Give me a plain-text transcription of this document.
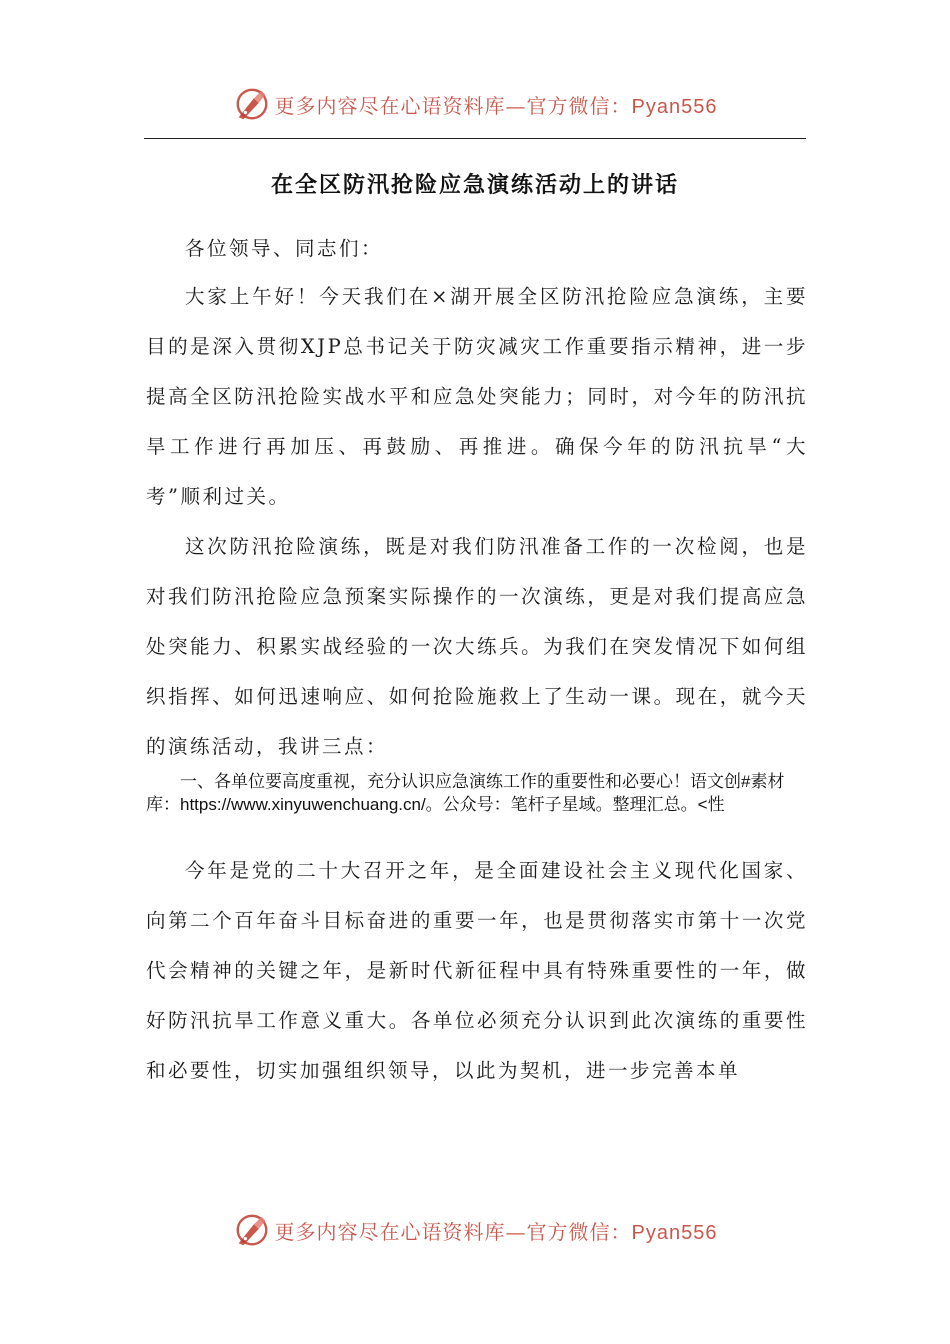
更多内容尽在心语资料库—官方微信：Pyan556
在全区防汛抢险应急演练活动上的讲话

各位领导、同志们：

大家上午好！今天我们在×湖开展全区防汛抢险应急演练，主要目的是深入贯彻XJP总书记关于防灾减灾工作重要指示精神，进一步提高全区防汛抢险实战水平和应急处突能力；同时，对今年的防汛抗旱工作进行再加压、再鼓励、再推进。确保今年的防汛抗旱“大考”顺利过关。

这次防汛抢险演练，既是对我们防汛准备工作的一次检阅，也是对我们防汛抢险应急预案实际操作的一次演练，更是对我们提高应急处突能力、积累实战经验的一次大练兵。为我们在突发情况下如何组织指挥、如何迅速响应、如何抢险施救上了生动一课。现在，就今天的演练活动，我讲三点：

一、各单位要高度重视，充分认识应急演练工作的重要性和必要心！语文创#素材库：https://www.xinyuwenchuang.cn/。公众号：笔杆子星域。整理汇总。<性

今年是党的二十大召开之年，是全面建设社会主义现代化国家、向第二个百年奋斗目标奋进的重要一年，也是贯彻落实市第十一次党代会精神的关键之年，是新时代新征程中具有特殊重要性的一年，做好防汛抗旱工作意义重大。各单位必须充分认识到此次演练的重要性和必要性，切实加强组织领导，以此为契机，进一步完善本单

更多内容尽在心语资料库—官方微信：Pyan556
